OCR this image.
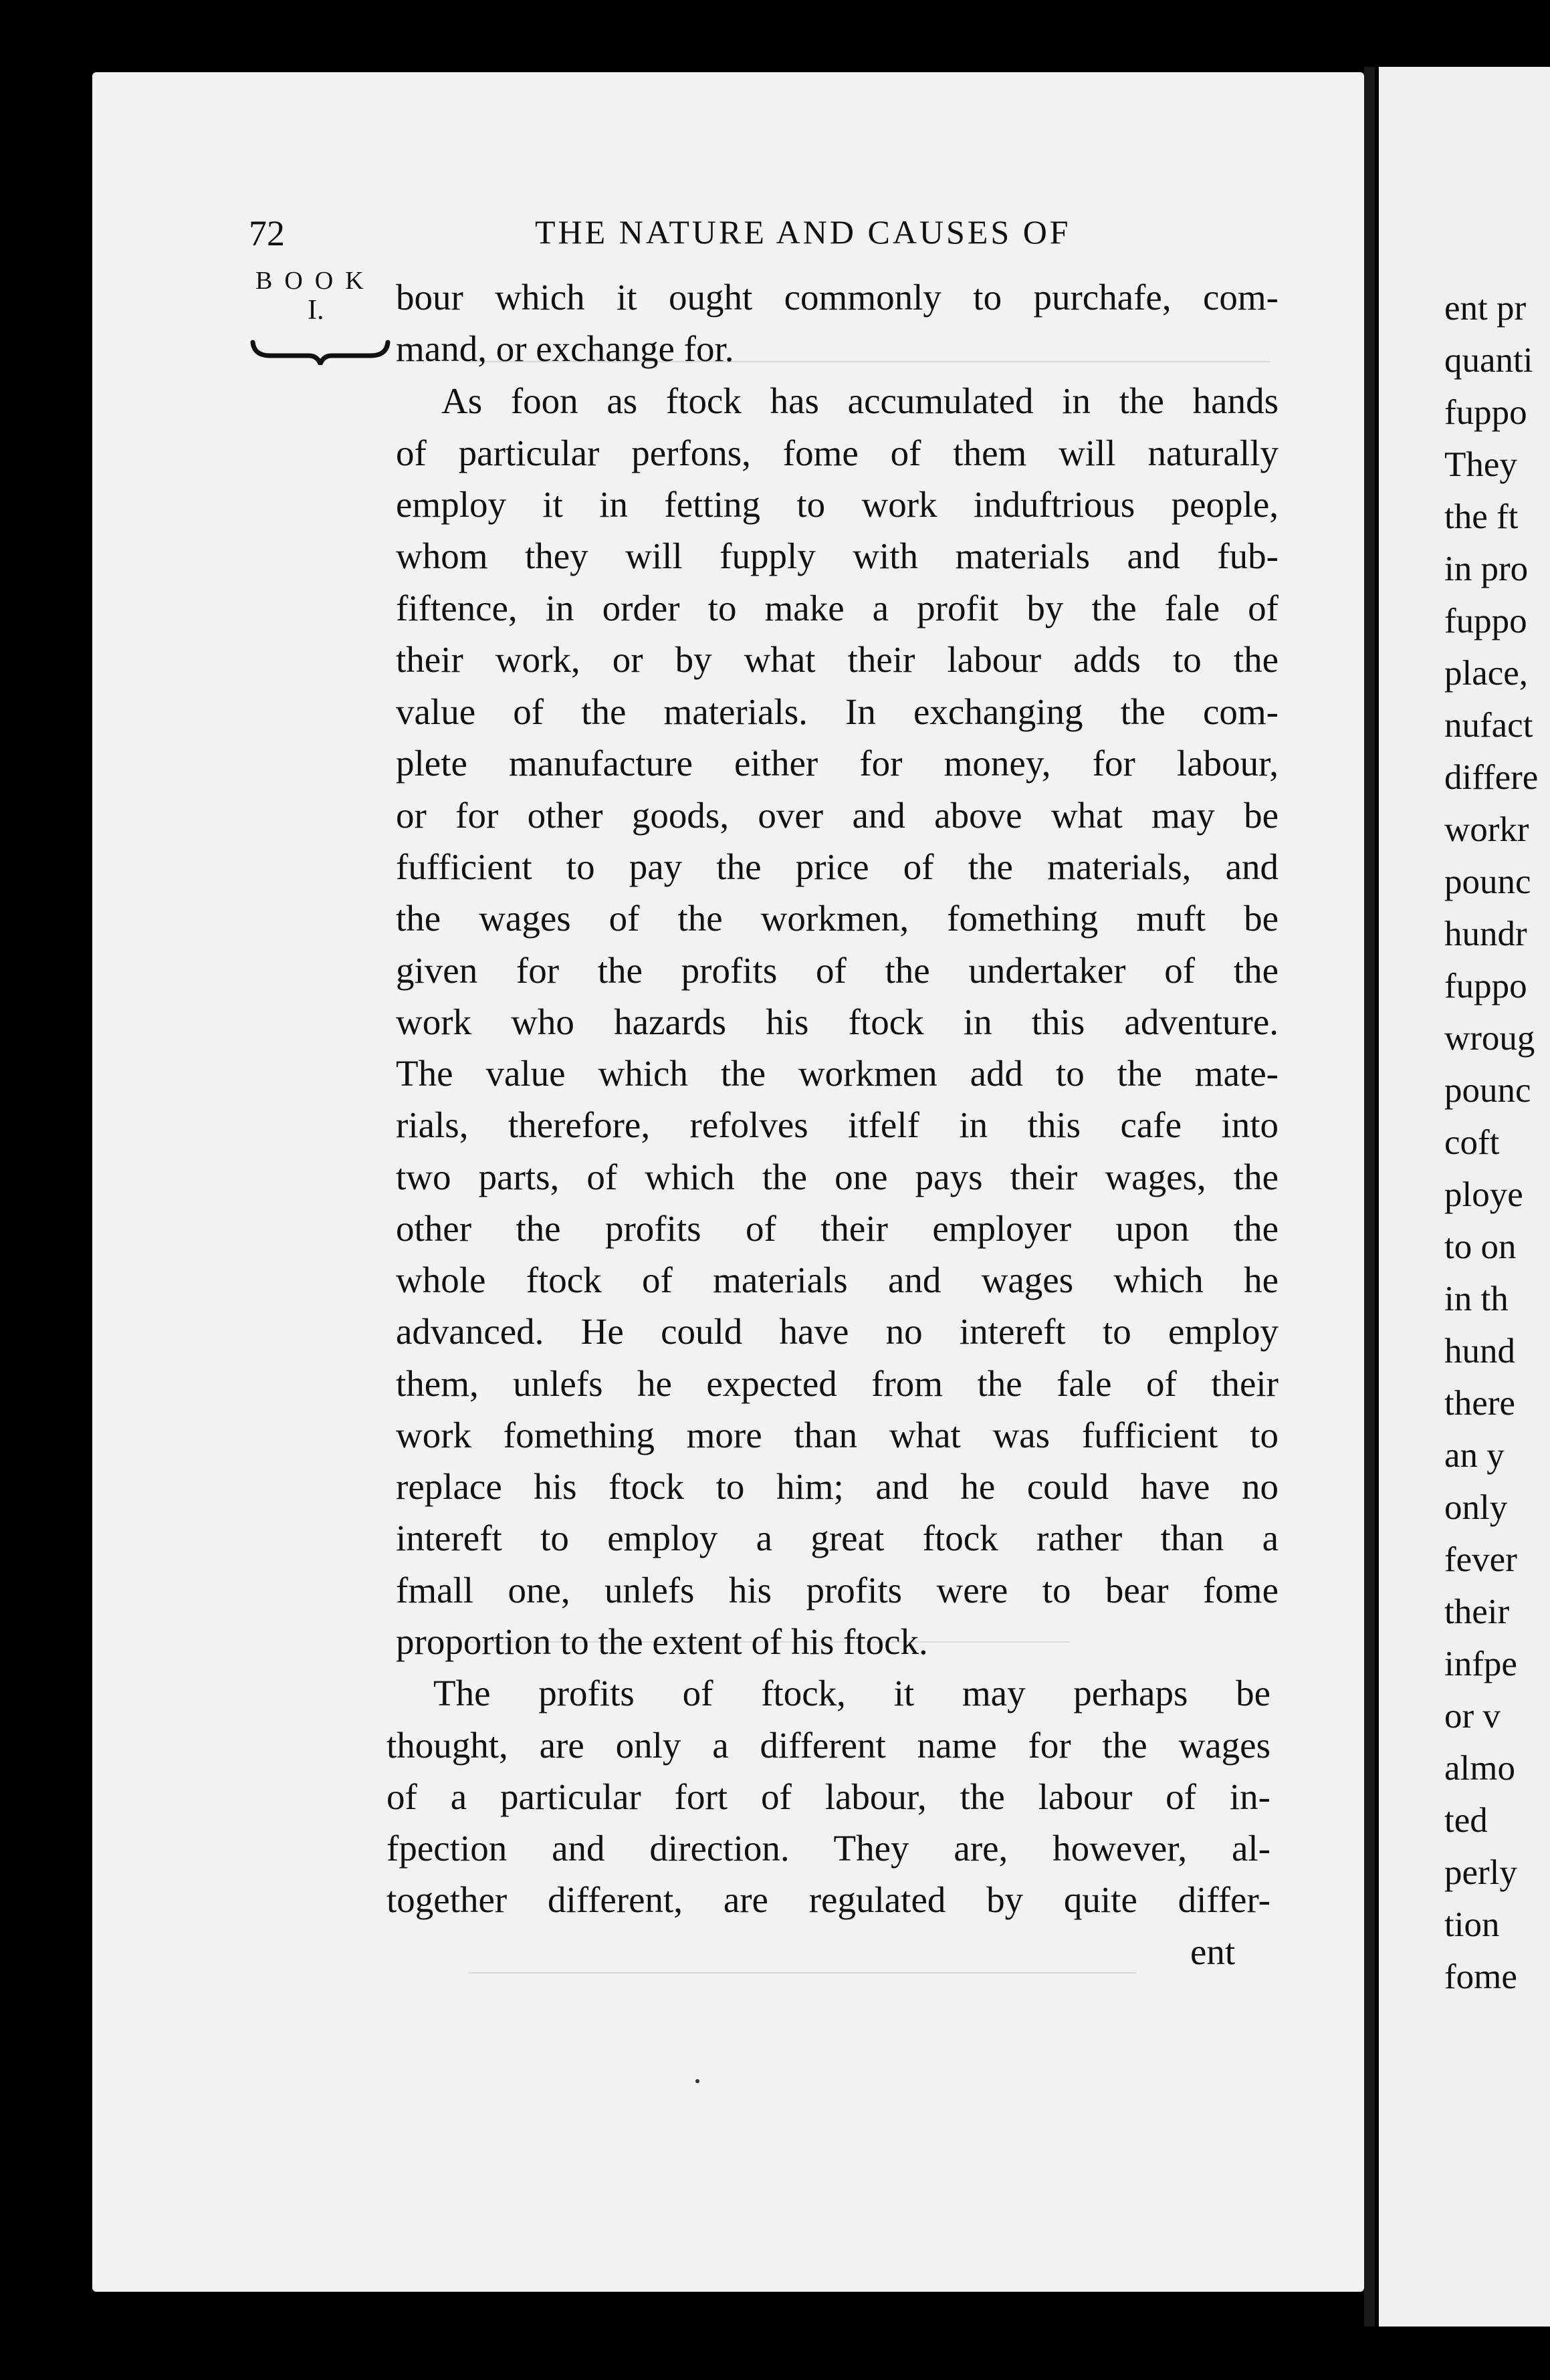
ent pr
quanti
fuppo
They
the ft
in pro
fuppo
place,
nufact
differe
workr
pounc
hundr
fuppo
wroug
pounc
coft
ploye
to on
in th
hund
there
an y
only
fever
their
infpe
or v
almo
ted
perly
tion
fome
72	THE NATURE AND CAUSES OF
BOOK
I. bour which it ought commonly to purchafe, com-
mand, or exchange for.
As foon as ftock has accumulated in the hands
of particular perfons, fome of them will naturally
employ it in fetting to work induftrious people,
whom they will fupply with materials and fub-
fiftence, in order to make a profit by the fale of
their work, or by what their labour adds to the
value of the materials. In exchanging the com-
plete manufacture either for money, for labour,
or for other goods, over and above what may be
fufficient to pay the price of the materials, and
the wages of the workmen, fomething muft be
given for the profits of the undertaker of the
work who hazards his ftock in this adventure.
The value which the workmen add to the mate-
rials, therefore, refolves itfelf in this cafe into
two parts, of which the one pays their wages, the
other the profits of their employer upon the
whole ftock of materials and wages which he
advanced. He could have no intereft to employ
them, unlefs he expected from the fale of their
work fomething more than what was fufficient to
replace his ftock to him; and he could have no
intereft to employ a great ftock rather than a
fmall one, unlefs his profits were to bear fome
proportion to the extent of his ftock.
The profits of ftock, it may perhaps be
thought, are only a different name for the wages
of a particular fort of labour, the labour of in-
fpection and direction. They are, however, al-
together different, are regulated by quite differ-
ent
